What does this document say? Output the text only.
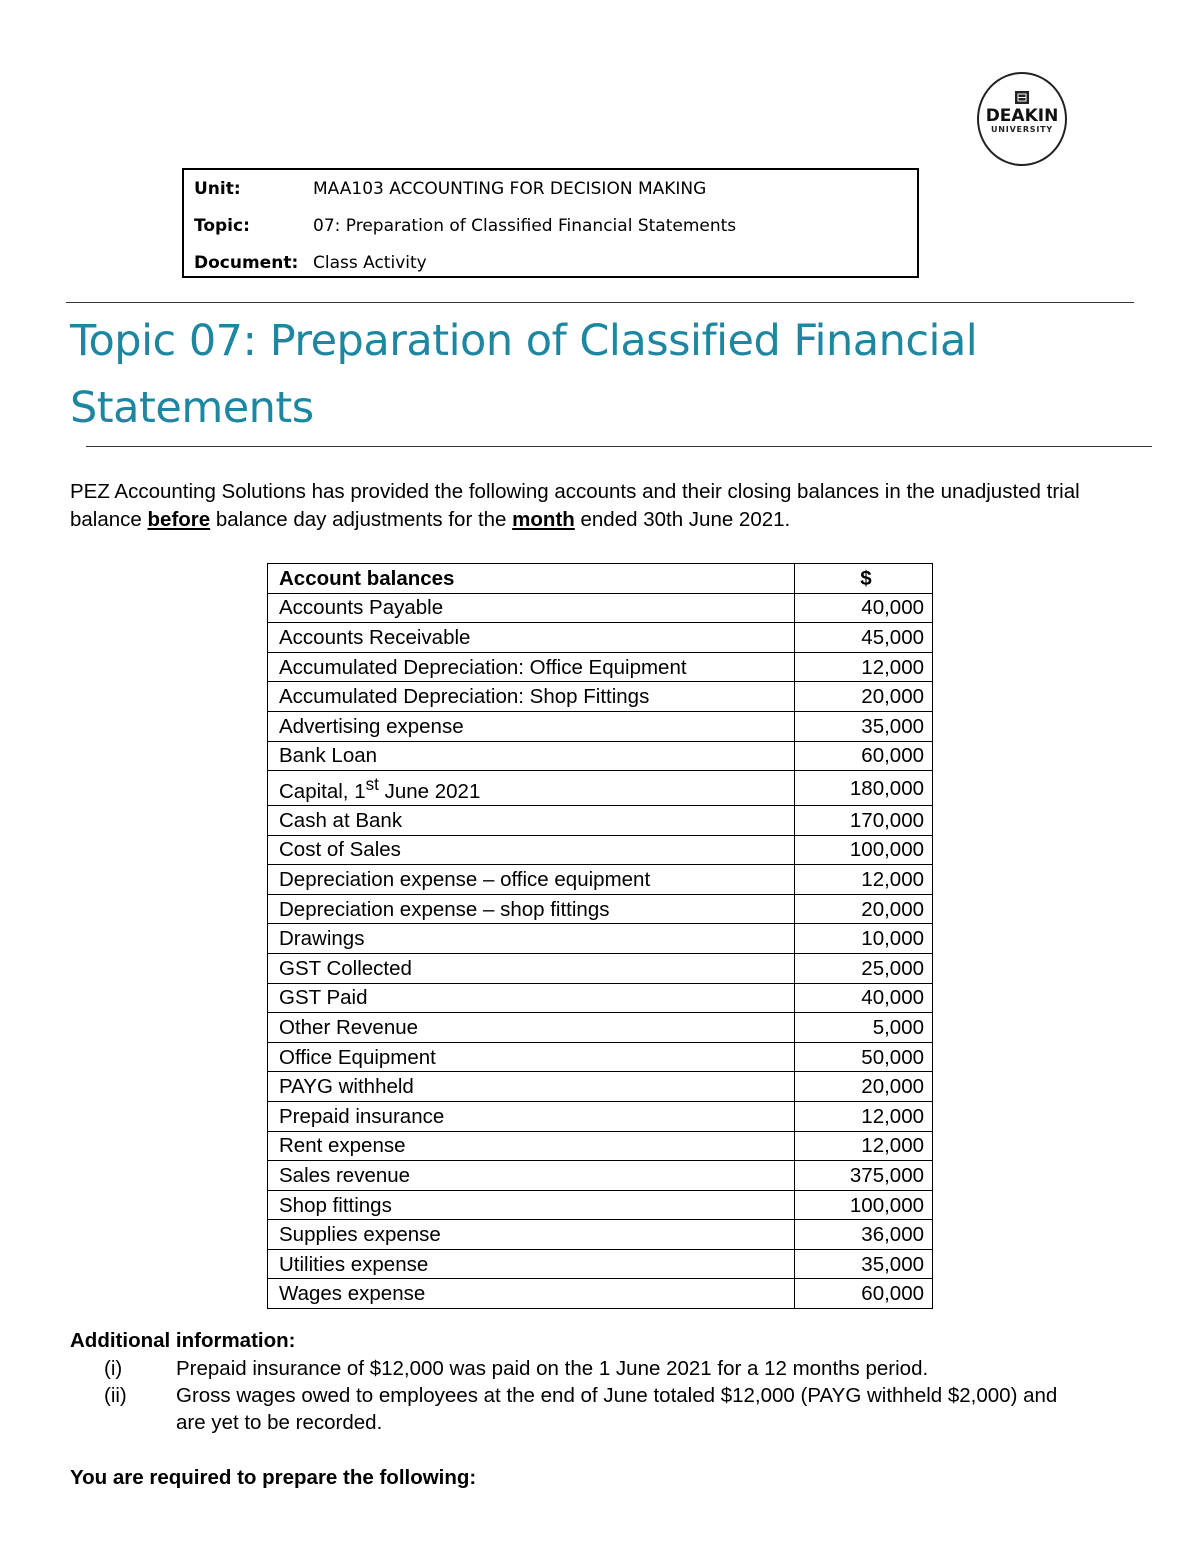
DEAKIN
UNIVERSITY
Unit:	MAA103 ACCOUNTING FOR DECISION MAKING
Topic:	07: Preparation of Classified Financial Statements
Document: Class Activity
Topic 07: Preparation of Classified Financial Statements

PEZ Accounting Solutions has provided the following accounts and their closing balances in the unadjusted trial balance before balance day adjustments for the month ended 30th June 2021.

Account balances	$
Accounts Payable	40,000
Accounts Receivable	45,000
Accumulated Depreciation: Office Equipment	12,000
Accumulated Depreciation: Shop Fittings	20,000
Advertising expense	35,000
Bank Loan	60,000
Capital, 1st June 2021	180,000
Cash at Bank	170,000
Cost of Sales	100,000
Depreciation expense – office equipment	12,000
Depreciation expense – shop fittings	20,000
Drawings	10,000
GST Collected	25,000
GST Paid	40,000
Other Revenue	5,000
Office Equipment	50,000
PAYG withheld	20,000
Prepaid insurance	12,000
Rent expense	12,000
Sales revenue	375,000
Shop fittings	100,000
Supplies expense	36,000
Utilities expense	35,000
Wages expense	60,000

Additional information:

(i)	Prepaid insurance of $12,000 was paid on the 1 June 2021 for a 12 months period.
(ii)	Gross wages owed to employees at the end of June totaled $12,000 (PAYG withheld $2,000) and are yet to be recorded.

You are required to prepare the following:
